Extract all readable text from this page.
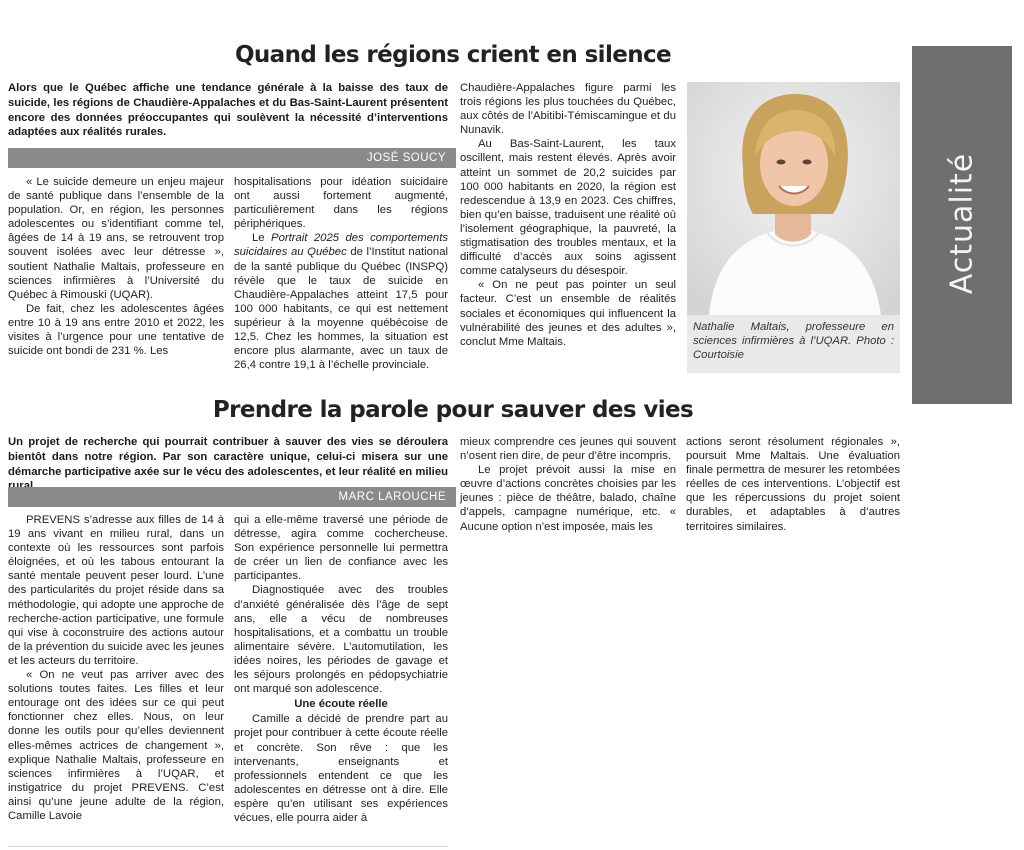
Actualité
Quand les régions crient en silence

Alors que le Québec affiche une tendance générale à la baisse des taux de suicide, les régions de Chaudière-Appalaches et du Bas-Saint-Laurent présentent encore des données préoccupantes qui soulèvent la nécessité d’interventions adaptées aux réalités rurales.

JOSÉ SOUCY

« Le suicide demeure un enjeu majeur de santé publique dans l’ensemble de la population. Or, en région, les personnes adolescentes ou s’identifiant comme tel, âgées de 14 à 19 ans, se retrouvent trop souvent isolées avec leur détresse », soutient Nathalie Maltais, professeure en sciences infirmières à l’Université du Québec à Rimouski (UQAR).

De fait, chez les adolescentes âgées entre 10 à 19 ans entre 2010 et 2022, les visites à l’urgence pour une tentative de suicide ont bondi de 231 %. Les

hospitalisations pour idéation suicidaire ont aussi fortement augmenté, particulièrement dans les régions périphériques.

Le Portrait 2025 des comportements suicidaires au Québec de l’Institut national de la santé publique du Québec (INSPQ) révèle que le taux de suicide en Chaudière-Appalaches atteint 17,5 pour 100 000 habitants, ce qui est nettement supérieur à la moyenne québécoise de 12,5. Chez les hommes, la situation est encore plus alarmante, avec un taux de 26,4 contre 19,1 à l’échelle provinciale.

Chaudière-Appalaches figure parmi les trois régions les plus touchées du Québec, aux côtés de l’Abitibi-Témiscamingue et du Nunavik.

Au Bas-Saint-Laurent, les taux oscillent, mais restent élevés. Après avoir atteint un sommet de 20,2 suicides par 100 000 habitants en 2020, la région est redescendue à 13,9 en 2023. Ces chiffres, bien qu’en baisse, traduisent une réalité où l’isolement géographique, la pauvreté, la stigmatisation des troubles mentaux, et la difficulté d’accès aux soins agissent comme catalyseurs du désespoir.

« On ne peut pas pointer un seul facteur. C’est un ensemble de réalités sociales et économiques qui influencent la vulnérabilité des jeunes et des adultes », conclut Mme Maltais.

Nathalie Maltais, professeure en sciences infirmières à l’UQAR. Photo : Courtoisie
Prendre la parole pour sauver des vies

Un projet de recherche qui pourrait contribuer à sauver des vies se déroulera bientôt dans notre région. Par son caractère unique, celui-ci misera sur une démarche participative axée sur le vécu des adolescentes, et leur réalité en milieu

MARC LAROUCHE

PREVENS s’adresse aux filles de 14 à 19 ans vivant en milieu rural, dans un contexte où les ressources sont parfois éloignées, et où les tabous entourant la santé mentale peuvent peser lourd. L’une des particularités du projet réside dans sa méthodologie, qui adopte une approche de recherche-action participative, une formule qui vise à coconstruire des actions autour de la prévention du suicide avec les jeunes et les acteurs du territoire.

« On ne veut pas arriver avec des solutions toutes faites. Les filles et leur entourage ont des idées sur ce qui peut fonctionner chez elles. Nous, on leur donne les outils pour qu’elles deviennent elles-mêmes actrices de changement », explique Nathalie Maltais, professeure en sciences infirmières à l’UQAR, et instigatrice du projet PREVENS. C’est ainsi qu’une jeune adulte de la région, Camille Lavoie

qui a elle-même traversé une période de détresse, agira comme cochercheuse. Son expérience personnelle lui permettra de créer un lien de confiance avec les participantes.

Diagnostiquée avec des troubles d’anxiété généralisée dès l’âge de sept ans, elle a vécu de nombreuses hospitalisations, et a combattu un trouble alimentaire sévère. L’automutilation, les idées noires, les périodes de gavage et les séjours prolongés en pédopsychiatrie ont marqué son adolescence.

Une écoute réelle

Camille a décidé de prendre part au projet pour contribuer à cette écoute réelle et concrète. Son rêve : que les intervenants, enseignants et professionnels entendent ce que les adolescentes en détresse ont à dire. Elle espère qu’en utilisant ses expériences vécues, elle pourra aider à

mieux comprendre ces jeunes qui souvent n’osent rien dire, de peur d’être incompris.

Le projet prévoit aussi la mise en œuvre d’actions concrètes choisies par les jeunes : pièce de théâtre, balado, chaîne d’appels, campagne numérique, etc. « Aucune option n’est imposée, mais les

actions seront résolument régionales », poursuit Mme Maltais. Une évaluation finale permettra de mesurer les retombées réelles de ces interventions. L’objectif est que les répercussions du projet soient durables, et adaptables à d’autres territoires similaires.
